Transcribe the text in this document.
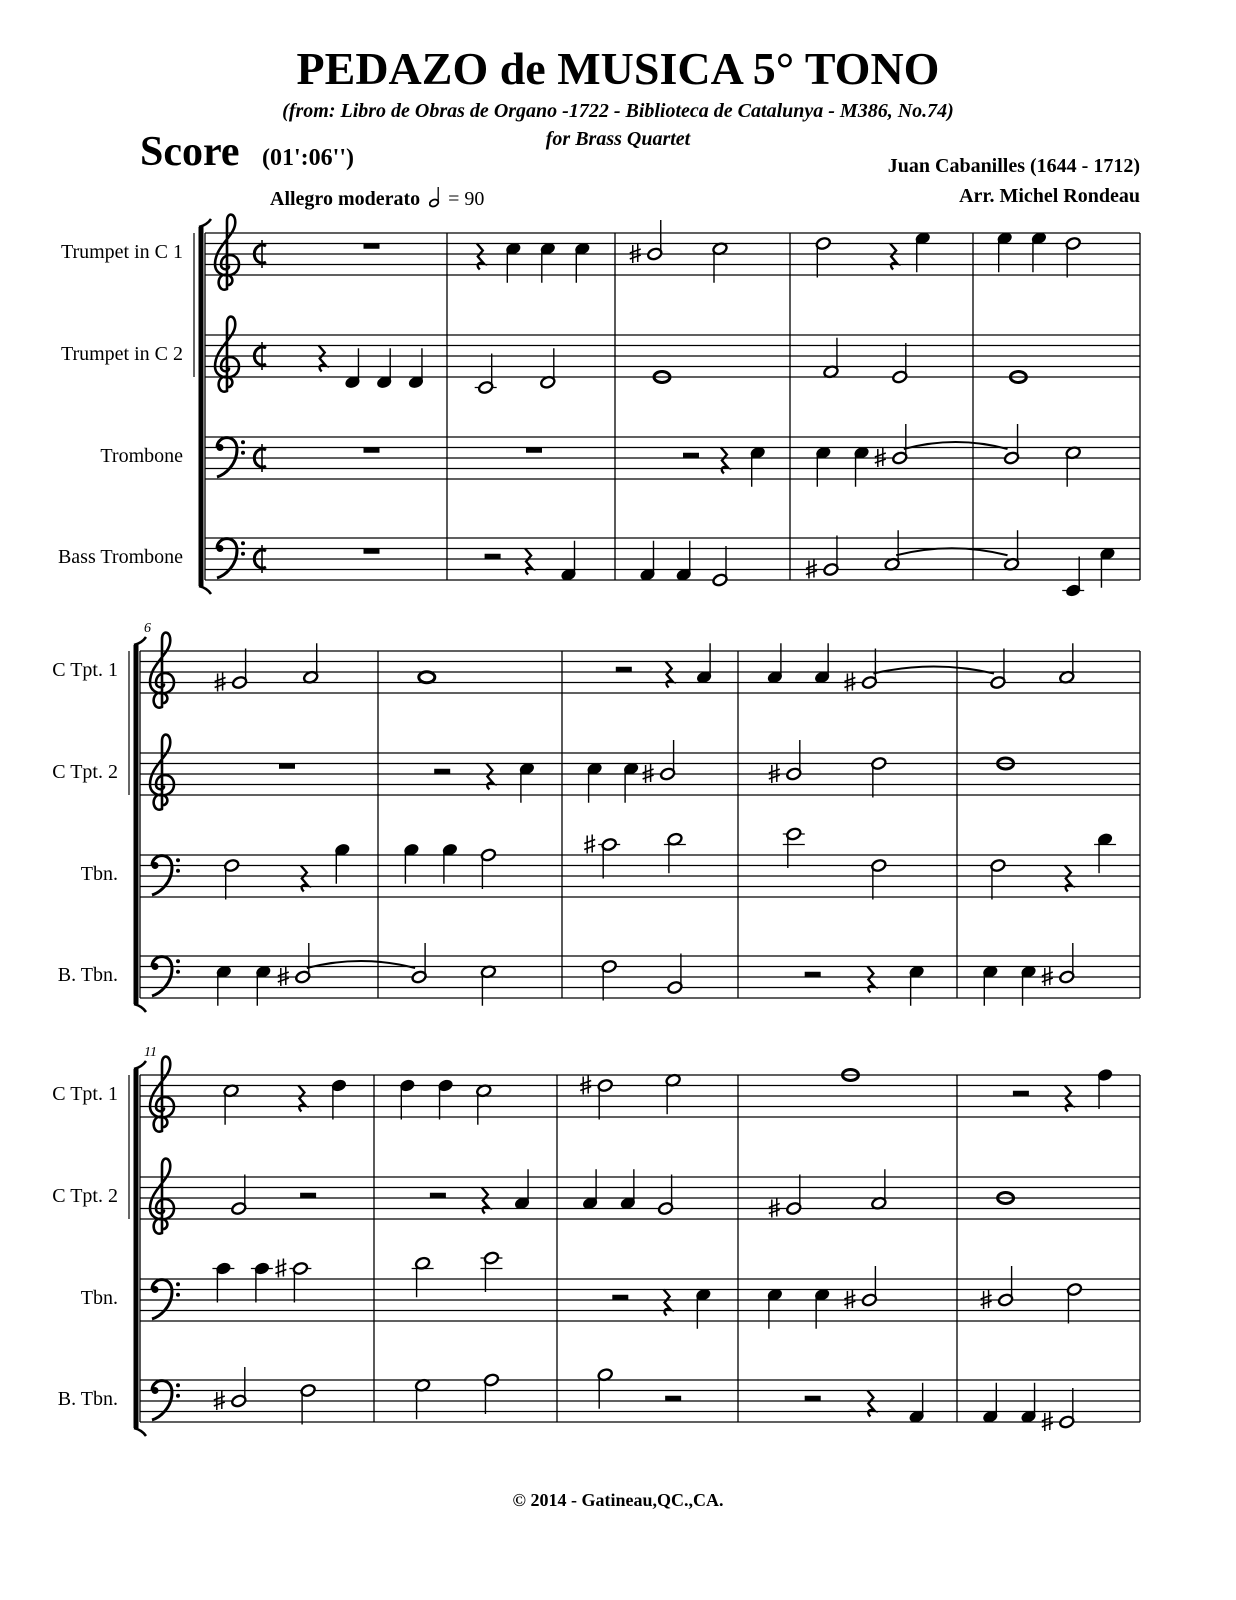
PEDAZO de MUSICA 5° TONO
(from: Libro de Obras de Organo -1722 - Biblioteca de Catalunya - M386, No.74)
for Brass Quartet
Score (01':06'')	Juan Cabanilles (1644 - 1712)
Arr. Michel Rondeau
Allegro moderato = 90
Trumpet in C 1
Trumpet in C 2
Trombone
Bass Trombone
C Tpt. 1
C Tpt. 2
Tbn.
B. Tbn.
6
C Tpt. 1
C Tpt. 2
Tbn.
B. Tbn.
11
© 2014 - Gatineau,QC.,CA.
